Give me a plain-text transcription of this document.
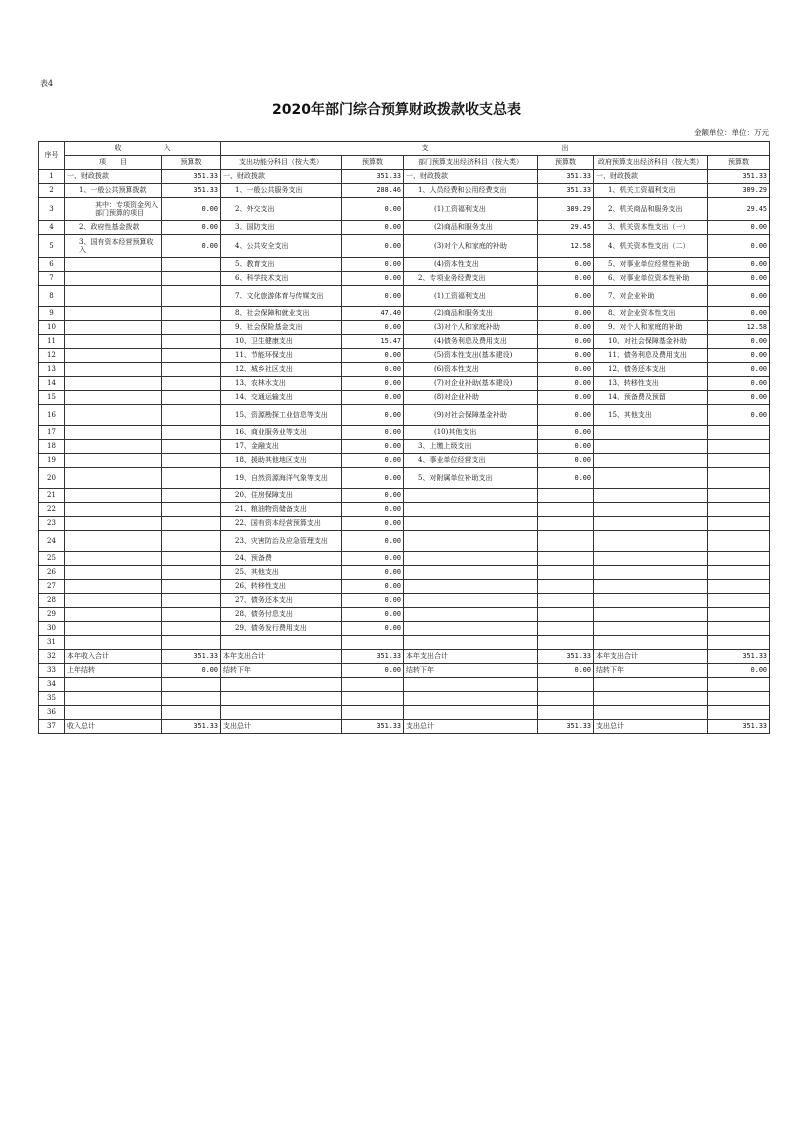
表4
2020年部门综合预算财政拨款收支总表
金额单位：单位：万元
序号	收　　　　　　入		支　　　　　　　　　　　　　　　　　　　出					
	项　　目	预算数	支出功能分科目（按大类）	预算数	部门预算支出经济科目（按大类）	预算数	政府预算支出经济科目（按大类）	预算数
1	一、财政拨款	351.33	一、财政拨款	351.33	一、财政拨款	351.33	一、财政拨款	351.33
2	1、一般公共预算拨款	351.33	1、一般公共服务支出	288.46	1、人员经费和公用经费支出	351.33	1、机关工资福利支出	309.29
3	其中：专项资金列入部门预算的项目	0.00	2、外交支出	0.00	(1)工资福利支出	309.29	2、机关商品和服务支出	29.45
4	2、政府性基金拨款	0.00	3、国防支出	0.00	(2)商品和服务支出	29.45	3、机关资本性支出（一）	0.00
5	3、国有资本经营预算收入	0.00	4、公共安全支出	0.00	(3)对个人和家庭的补助	12.58	4、机关资本性支出（二）	0.00
6			5、教育支出	0.00	(4)资本性支出	0.00	5、对事业单位经常性补助	0.00
7			6、科学技术支出	0.00	2、专项业务经费支出	0.00	6、对事业单位资本性补助	0.00
8			7、文化旅游体育与传媒支出	0.00	(1)工资福利支出	0.00	7、对企业补助	0.00
9			8、社会保障和就业支出	47.40	(2)商品和服务支出	0.00	8、对企业资本性支出	0.00
10			9、社会保险基金支出	0.00	(3)对个人和家庭补助	0.00	9、对个人和家庭的补助	12.58
11			10、卫生健康支出	15.47	(4)债务利息及费用支出	0.00	10、对社会保障基金补助	0.00
12			11、节能环保支出	0.00	(5)资本性支出(基本建设)	0.00	11、债务利息及费用支出	0.00
13			12、城乡社区支出	0.00	(6)资本性支出	0.00	12、债务还本支出	0.00
14			13、农林水支出	0.00	(7)对企业补助(基本建设)	0.00	13、转移性支出	0.00
15			14、交通运输支出	0.00	(8)对企业补助	0.00	14、预备费及预留	0.00
16			15、资源勘探工业信息等支出	0.00	(9)对社会保障基金补助	0.00	15、其他支出	0.00
17			16、商业服务业等支出	0.00	(10)其他支出	0.00		
18			17、金融支出	0.00	3、上缴上级支出	0.00		
19			18、援助其他地区支出	0.00	4、事业单位经营支出	0.00		
20			19、自然资源海洋气象等支出	0.00	5、对附属单位补助支出	0.00		
21			20、住房保障支出	0.00				
22			21、粮油物资储备支出	0.00				
23			22、国有资本经营预算支出	0.00				
24			23、灾害防治及应急管理支出	0.00				
25			24、预备费	0.00				
26			25、其他支出	0.00				
27			26、转移性支出	0.00				
28			27、债务还本支出	0.00				
29			28、债务付息支出	0.00				
30			29、债务发行费用支出	0.00				
31								
32	本年收入合计	351.33	本年支出合计	351.33	本年支出合计	351.33	本年支出合计	351.33
33	上年结转	0.00	结转下年	0.00	结转下年	0.00	结转下年	0.00
34								
35								
36								
37	收入总计	351.33	支出总计	351.33	支出总计	351.33	支出总计	351.33
